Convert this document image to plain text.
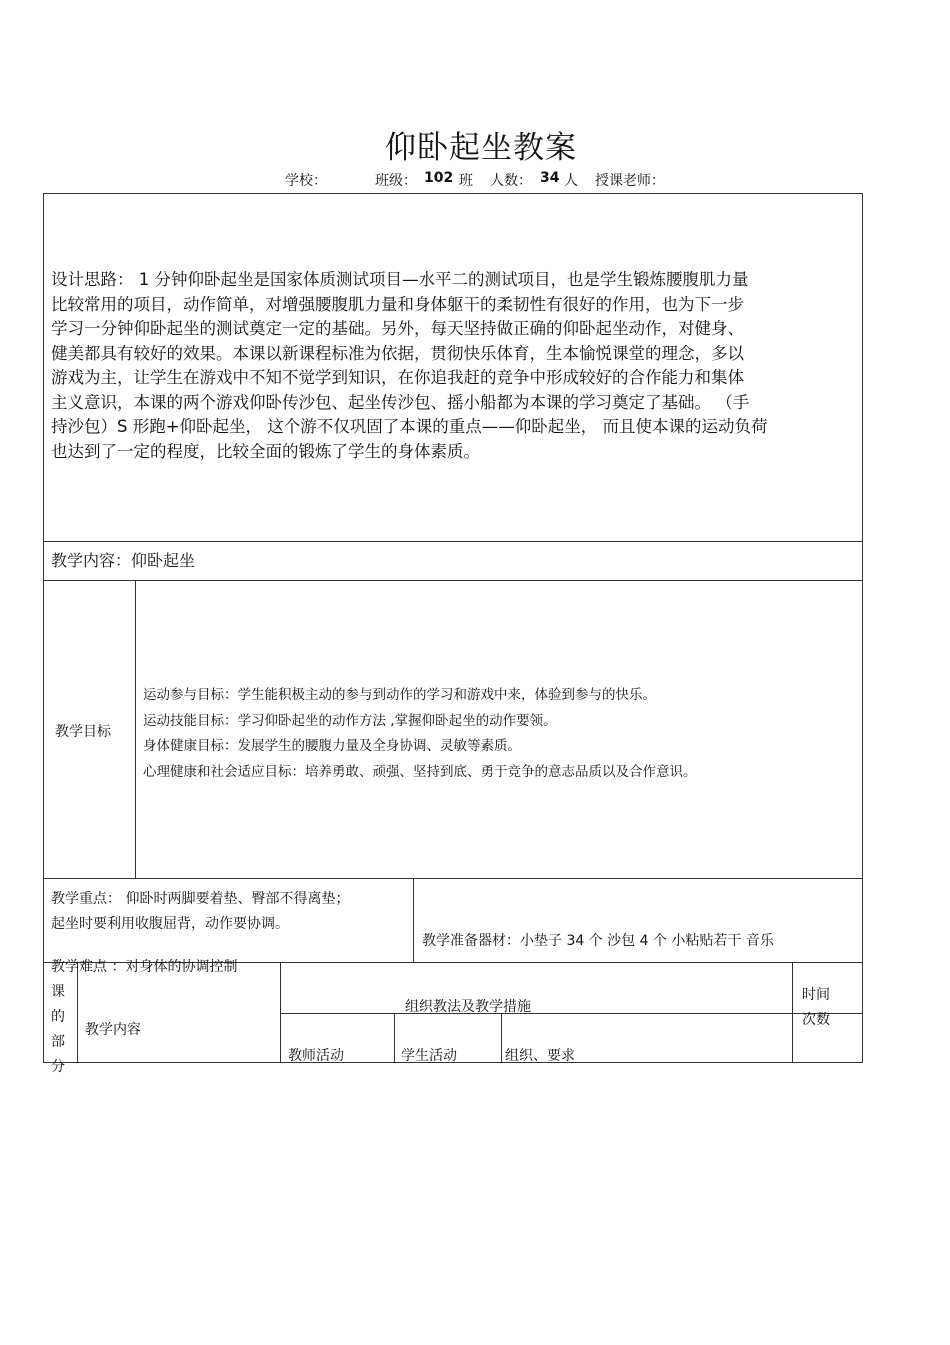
仰卧起坐教案
学校：	班级： 102 班 人数： 34 人 授课老师：
设计思路： 1 分钟仰卧起坐是国家体质测试项目—水平二的测试项目，也是学生锻炼腰腹肌力量
比较常用的项目，动作简单，对增强腰腹肌力量和身体躯干的柔韧性有很好的作用，也为下一步
学习一分钟仰卧起坐的测试奠定一定的基础。另外，每天坚持做正确的仰卧起坐动作，对健身、
健美都具有较好的效果。本课以新课程标准为依据，贯彻快乐体育，生本愉悦课堂的理念，多以
游戏为主，让学生在游戏中不知不觉学到知识，在你追我赶的竞争中形成较好的合作能力和集体
主义意识，本课的两个游戏仰卧传沙包、起坐传沙包、摇小船都为本课的学习奠定了基础。 （手
持沙包）S 形跑+仰卧起坐， 这个游不仅巩固了本课的重点——仰卧起坐， 而且使本课的运动负荷
也达到了一定的程度，比较全面的锻炼了学生的身体素质。
教学内容：仰卧起坐
教学目标
运动参与目标：学生能积极主动的参与到动作的学习和游戏中来，体验到参与的快乐。
运动技能目标：学习仰卧起坐的动作方法 ,掌握仰卧起坐的动作要领。
身体健康目标：发展学生的腰腹力量及全身协调、灵敏等素质。
心理健康和社会适应目标：培养勇敢、顽强、坚持到底、勇于竞争的意志品质以及合作意识。
教学重点： 仰卧时两脚要着垫、臀部不得离垫；
起坐时要利用收腹屈背，动作要协调。
教学准备器材：小垫子 34 个 沙包 4 个 小粘贴若干 音乐
教学难点 ：对身体的协调控制
课
的
部
分
教学内容
组织教法及教学措施
教师活动	学生活动	组织、要求
时间
次数
